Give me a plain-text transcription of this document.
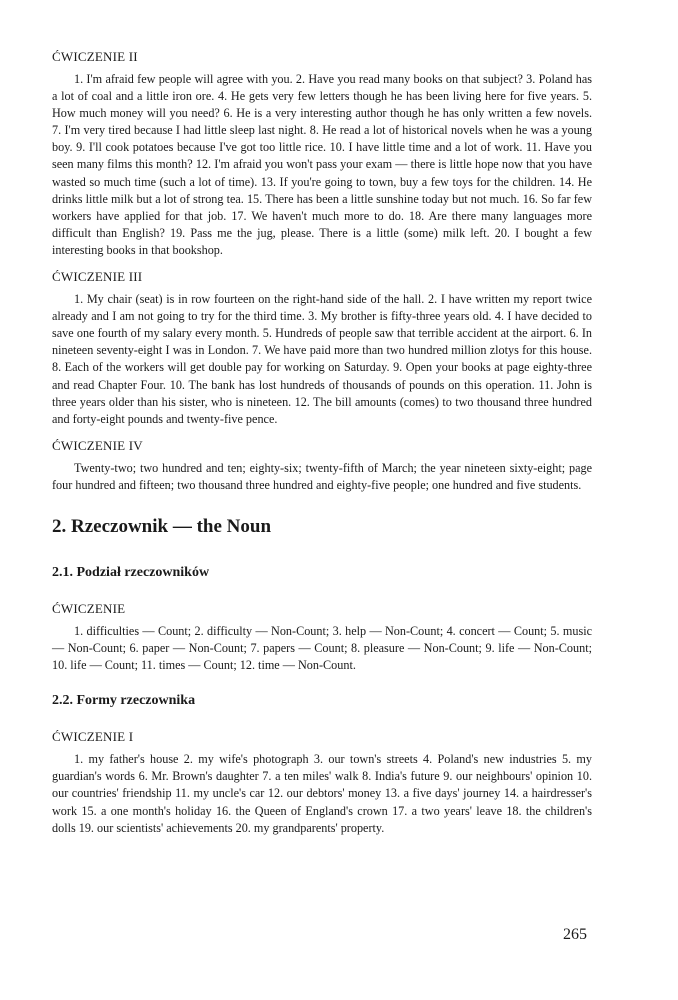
ĆWICZENIE II

1. I'm afraid few people will agree with you. 2. Have you read many books on that subject? 3. Poland has a lot of coal and a little iron ore. 4. He gets very few letters though he has been living here for five years. 5. How much money will you need? 6. He is a very interesting author though he has only written a few novels. 7. I'm very tired because I had little sleep last night. 8. He read a lot of historical novels when he was a young boy. 9. I'll cook potatoes because I've got too little rice. 10. I have little time and a lot of work. 11. Have you seen many films this month? 12. I'm afraid you won't pass your exam — there is little hope now that you have wasted so much time (such a lot of time). 13. If you're going to town, buy a few toys for the children. 14. He drinks little milk but a lot of strong tea. 15. There has been a little sunshine today but not much. 16. So far few workers have applied for that job. 17. We haven't much more to do. 18. Are there many languages more difficult than English? 19. Pass me the jug, please. There is a little (some) milk left. 20. I bought a few interesting books in that bookshop.

ĆWICZENIE III

1. My chair (seat) is in row fourteen on the right-hand side of the hall. 2. I have written my report twice already and I am not going to try for the third time. 3. My brother is fifty-three years old. 4. I have decided to save one fourth of my salary every month. 5. Hundreds of people saw that terrible accident at the airport. 6. In nineteen seventy-eight I was in London. 7. We have paid more than two hundred million zlotys for this house. 8. Each of the workers will get double pay for working on Saturday. 9. Open your books at page eighty-three and read Chapter Four. 10. The bank has lost hundreds of thousands of pounds on this operation. 11. John is three years older than his sister, who is nineteen. 12. The bill amounts (comes) to two thousand three hundred and forty-eight pounds and twenty-five pence.

ĆWICZENIE IV

Twenty-two; two hundred and ten; eighty-six; twenty-fifth of March; the year nineteen sixty-eight; page four hundred and fifteen; two thousand three hundred and eighty-five people; one hundred and five students.

2. Rzeczownik — the Noun
2.1. Podział rzeczowników
ĆWICZENIE

1. difficulties — Count; 2. difficulty — Non-Count; 3. help — Non-Count; 4. concert — Count; 5. music — Non-Count; 6. paper — Non-Count; 7. papers — Count; 8. pleasure — Non-Count; 9. life — Non-Count; 10. life — Count; 11. times — Count; 12. time — Non-Count.

2.2. Formy rzeczownika
ĆWICZENIE I

1. my father's house 2. my wife's photograph 3. our town's streets 4. Poland's new industries 5. my guardian's words 6. Mr. Brown's daughter 7. a ten miles' walk 8. India's future 9. our neighbours' opinion 10. our countries' friendship 11. my uncle's car 12. our debtors' money 13. a five days' journey 14. a hairdresser's work 15. a one month's holiday 16. the Queen of England's crown 17. a two years' leave 18. the children's dolls 19. our scientists' achievements 20. my grandparents' property.

265
